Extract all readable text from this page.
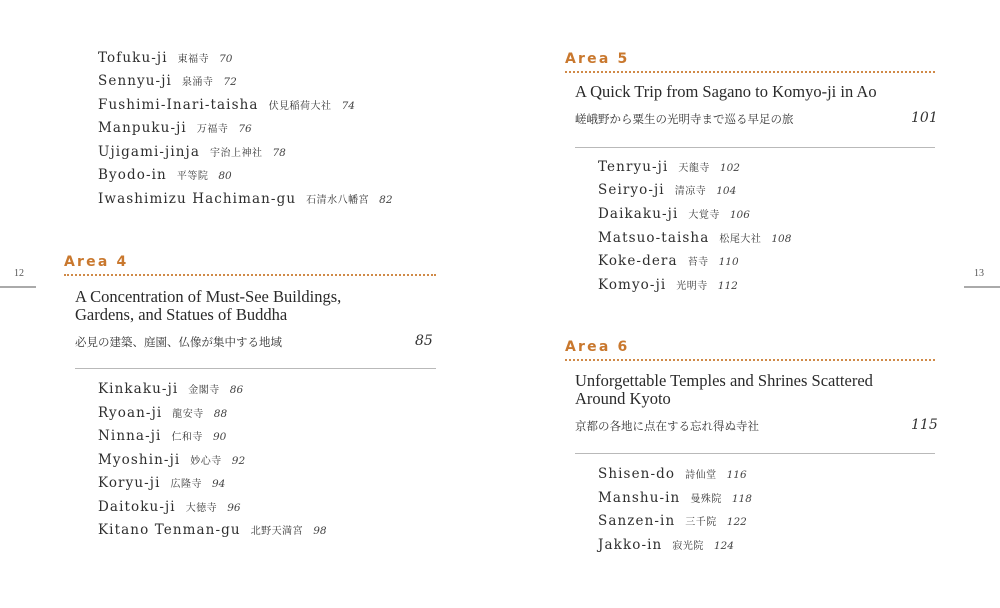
Tofuku-ji 東福寺 70
Sennyu-ji 泉涌寺 72
Fushimi-Inari-taisha 伏見稲荷大社 74
Manpuku-ji 万福寺 76
Ujigami-jinja 宇治上神社 78
Byodo-in 平等院 80
Iwashimizu Hachiman-gu 石清水八幡宮 82
12
Area 4
A Concentration of Must-See Buildings,
Gardens, and Statues of Buddha
必見の建築、庭園、仏像が集中する地域	85
Kinkaku-ji 金閣寺 86
Ryoan-ji 龍安寺 88
Ninna-ji 仁和寺 90
Myoshin-ji 妙心寺 92
Koryu-ji 広隆寺 94
Daitoku-ji 大徳寺 96
Kitano Tenman-gu 北野天満宮 98
Area 5
A Quick Trip from Sagano to Komyo-ji in Ao
嵯峨野から粟生の光明寺まで巡る早足の旅	101
Tenryu-ji 天龍寺 102
Seiryo-ji 清凉寺 104
Daikaku-ji 大覚寺 106
Matsuo-taisha 松尾大社 108
Koke-dera 苔寺 110
Komyo-ji 光明寺 112
13
Area 6
Unforgettable Temples and Shrines Scattered
Around Kyoto
京都の各地に点在する忘れ得ぬ寺社	115
Shisen-do 詩仙堂 116
Manshu-in 曼殊院 118
Sanzen-in 三千院 122
Jakko-in 寂光院 124
